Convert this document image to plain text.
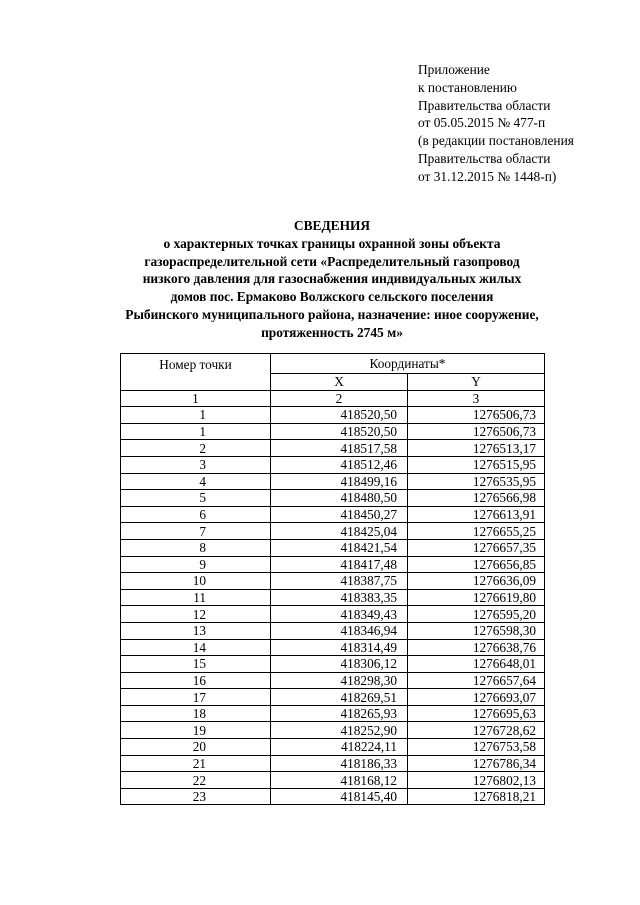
Приложение
к постановлению
Правительства области
от 05.05.2015 № 477-п
(в редакции постановления
Правительства области
от 31.12.2015 № 1448-п)
СВЕДЕНИЯ
о характерных точках границы охранной зоны объекта
газораспределительной сети «Распределительный газопровод
низкого давления для газоснабжения индивидуальных жилых
домов пос. Ермаково Волжского сельского поселения
Рыбинского муниципального района, назначение: иное сооружение,
протяженность 2745 м»
Номер точки	Координаты*	
	X	Y
1	2	3
1	418520,50	1276506,73
1	418520,50	1276506,73
2	418517,58	1276513,17
3	418512,46	1276515,95
4	418499,16	1276535,95
5	418480,50	1276566,98
6	418450,27	1276613,91
7	418425,04	1276655,25
8	418421,54	1276657,35
9	418417,48	1276656,85
10	418387,75	1276636,09
11	418383,35	1276619,80
12	418349,43	1276595,20
13	418346,94	1276598,30
14	418314,49	1276638,76
15	418306,12	1276648,01
16	418298,30	1276657,64
17	418269,51	1276693,07
18	418265,93	1276695,63
19	418252,90	1276728,62
20	418224,11	1276753,58
21	418186,33	1276786,34
22	418168,12	1276802,13
23	418145,40	1276818,21
